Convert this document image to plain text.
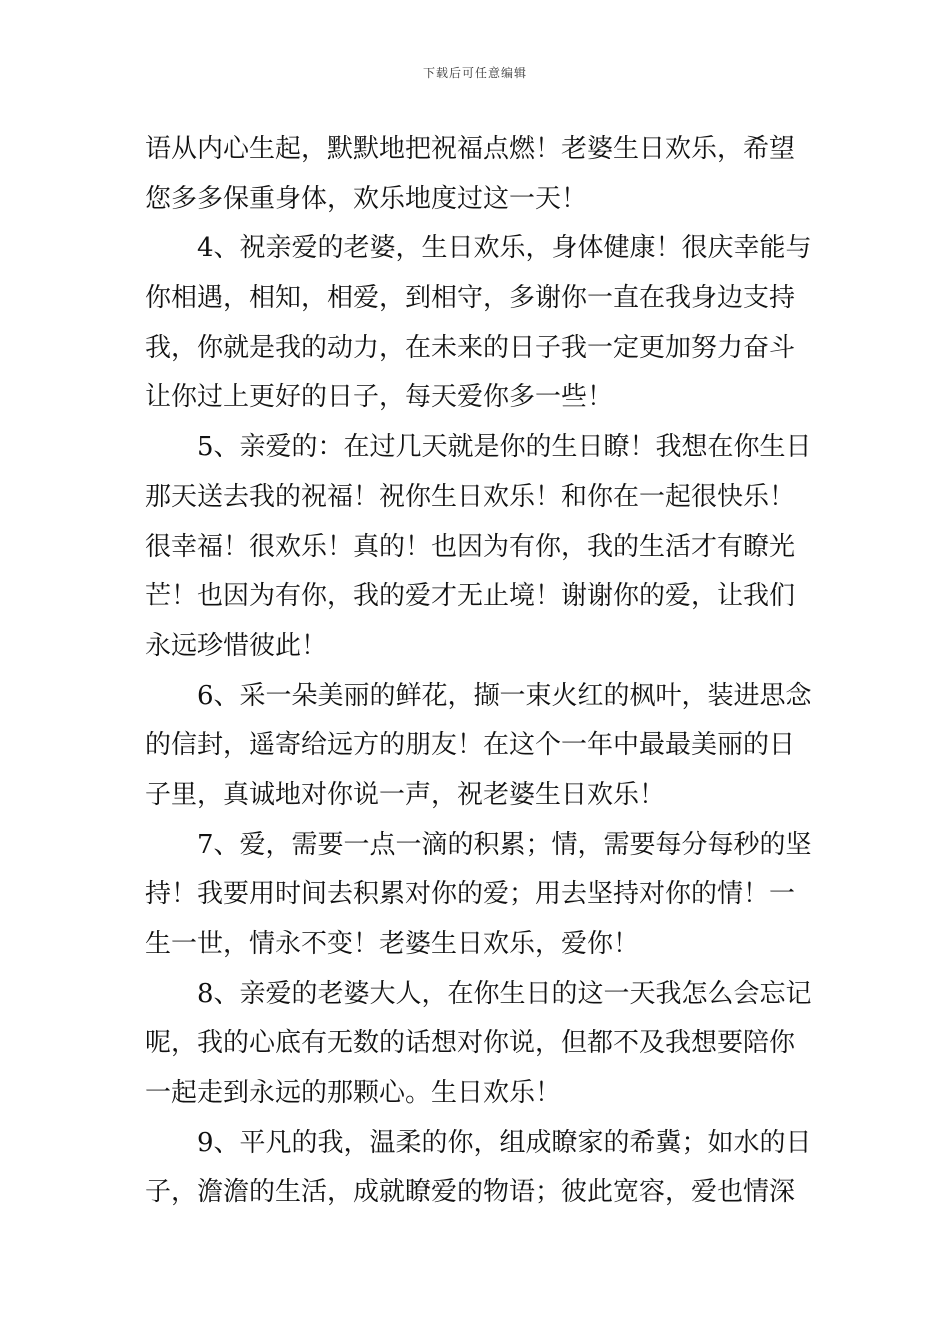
下载后可任意编辑
语从内心生起，默默地把祝福点燃！老婆生日欢乐，希望
您多多保重身体，欢乐地度过这一天！
4、祝亲爱的老婆，生日欢乐，身体健康！很庆幸能与
你相遇，相知，相爱，到相守，多谢你一直在我身边支持
我，你就是我的动力，在未来的日子我一定更加努力奋斗
让你过上更好的日子，每天爱你多一些！
5、亲爱的：在过几天就是你的生日瞭！我想在你生日
那天送去我的祝福！祝你生日欢乐！和你在一起很快乐！
很幸福！很欢乐！真的！也因为有你，我的生活才有瞭光
芒！也因为有你，我的爱才无止境！谢谢你的爱，让我们
永远珍惜彼此！
6、采一朵美丽的鲜花，撷一束火红的枫叶，装进思念
的信封，遥寄给远方的朋友！在这个一年中最最美丽的日
子里，真诚地对你说一声，祝老婆生日欢乐！
7、爱，需要一点一滴的积累；情，需要每分每秒的坚
持！我要用时间去积累对你的爱；用去坚持对你的情！一
生一世，情永不变！老婆生日欢乐，爱你！
8、亲爱的老婆大人，在你生日的这一天我怎么会忘记
呢，我的心底有无数的话想对你说，但都不及我想要陪你
一起走到永远的那颗心。生日欢乐！
9、平凡的我，温柔的你，组成瞭家的希冀；如水的日
子，澹澹的生活，成就瞭爱的物语；彼此宽容，爱也情深
